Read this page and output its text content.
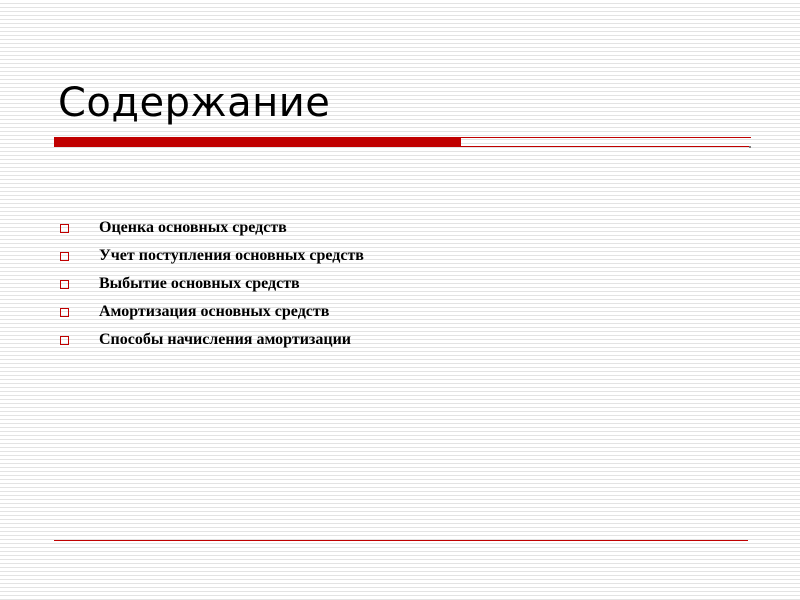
Содержание
Оценка основных средств
Учет поступления основных средств
Выбытие основных средств
Амортизация основных средств
Способы начисления амортизации
